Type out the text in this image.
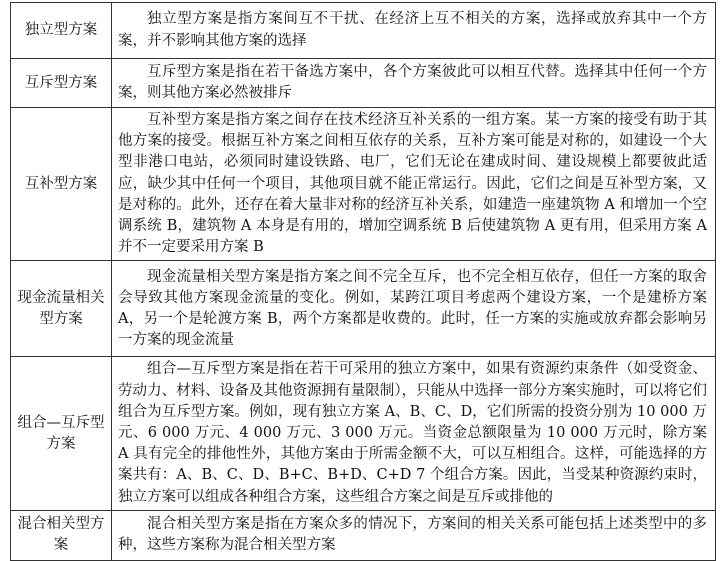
独立型方案	独立型方案是指方案间互不干扰、在经济上互不相关的方案，选择或放弃其中一个方案，并不影响其他方案的选择
互斥型方案	互斥型方案是指在若干备选方案中，各个方案彼此可以相互代替。选择其中任何一个方案，则其他方案必然被排斥
互补型方案	互补型方案是指方案之间存在技术经济互补关系的一组方案。某一方案的接受有助于其他方案的接受。根据互补方案之间相互依存的关系，互补方案可能是对称的，如建设一个大型非港口电站，必须同时建设铁路、电厂，它们无论在建成时间、建设规模上都要彼此适应，缺少其中任何一个项目，其他项目就不能正常运行。因此，它们之间是互补型方案，又是对称的。此外，还存在着大量非对称的经济互补关系，如建造一座建筑物 A 和增加一个空调系统 B，建筑物 A 本身是有用的，增加空调系统 B 后使建筑物 A 更有用，但采用方案 A 并不一定要采用方案 B
现金流量相关型方案	现金流量相关型方案是指方案之间不完全互斥，也不完全相互依存，但任一方案的取舍会导致其他方案现金流量的变化。例如，某跨江项目考虑两个建设方案，一个是建桥方案 A，另一个是轮渡方案 B，两个方案都是收费的。此时，任一方案的实施或放弃都会影响另一方案的现金流量
组合—互斥型方案	组合—互斥型方案是指在若干可采用的独立方案中，如果有资源约束条件（如受资金、劳动力、材料、设备及其他资源拥有量限制），只能从中选择一部分方案实施时，可以将它们组合为互斥型方案。例如，现有独立方案 A、B、C、D，它们所需的投资分别为 10 000 万元、6 000 万元、4 000 万元、3 000 万元。当资金总额限量为 10 000 万元时，除方案 A 具有完全的排他性外，其他方案由于所需金额不大，可以互相组合。这样，可能选择的方案共有：A、B、C、D、B+C、B+D、C+D 7 个组合方案。因此，当受某种资源约束时，独立方案可以组成各种组合方案，这些组合方案之间是互斥或排他的
混合相关型方案	混合相关型方案是指在方案众多的情况下，方案间的相关关系可能包括上述类型中的多种，这些方案称为混合相关型方案
